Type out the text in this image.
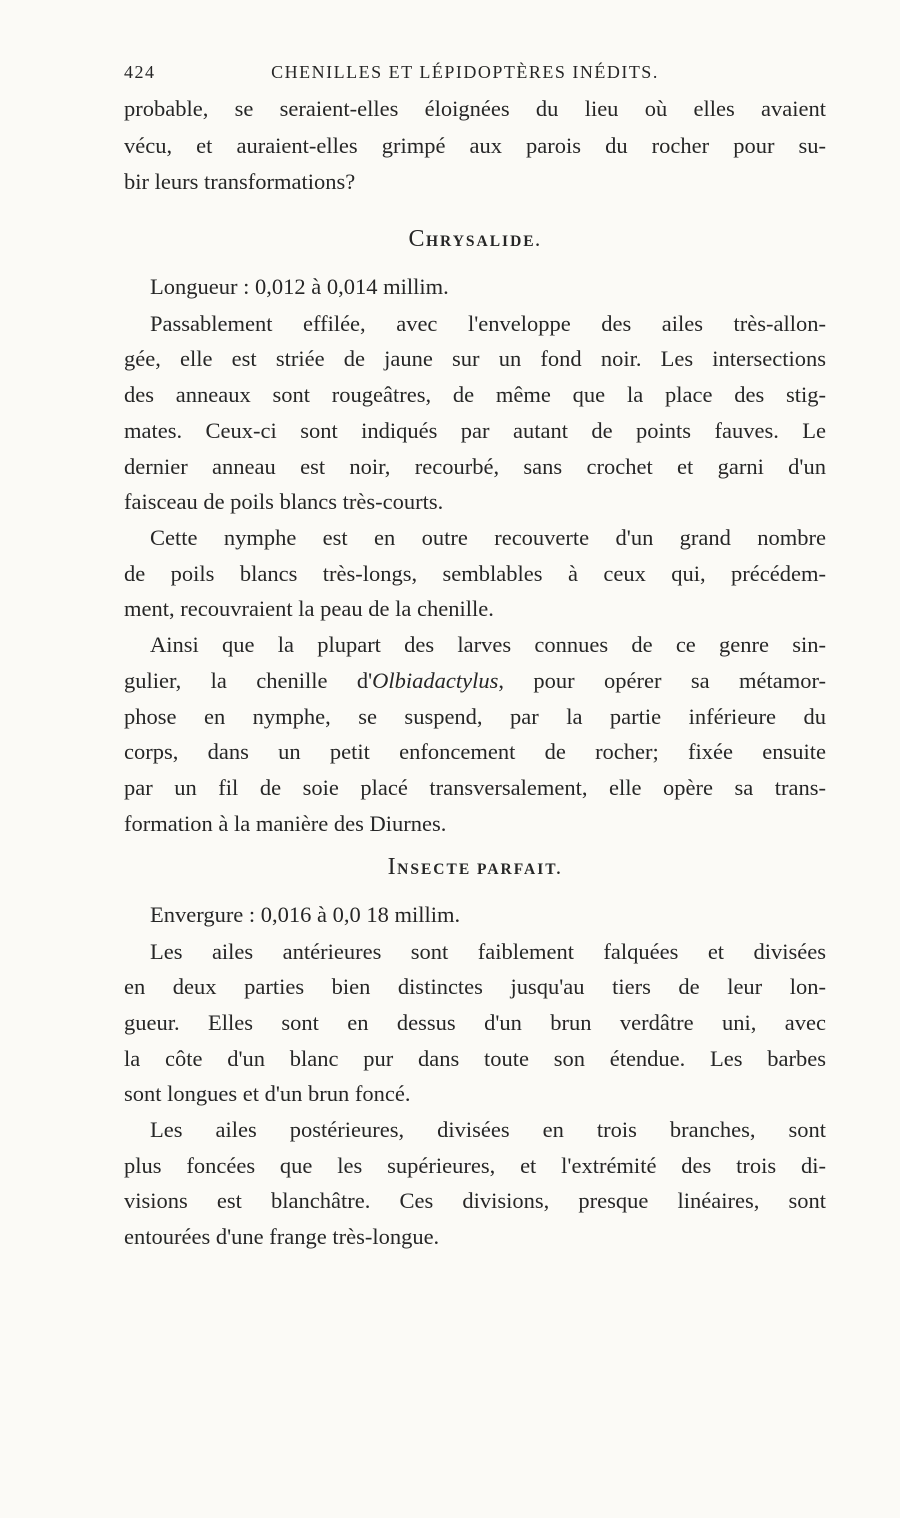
424	CHENILLES ET LÉPIDOPTÈRES INÉDITS.
probable, se seraient-elles éloignées du lieu où elles avaient
vécu, et auraient-elles grimpé aux parois du rocher pour su-
bir leurs transformations?
CHRYSALIDE.
Longueur : 0,012 à 0,014 millim.
Passablement effilée, avec l'enveloppe des ailes très-allon-
gée, elle est striée de jaune sur un fond noir. Les intersections
des anneaux sont rougeâtres, de même que la place des stig-
mates. Ceux-ci sont indiqués par autant de points fauves. Le
dernier anneau est noir, recourbé, sans crochet et garni d'un
faisceau de poils blancs très-courts.
Cette nymphe est en outre recouverte d'un grand nombre
de poils blancs très-longs, semblables à ceux qui, précédem-
ment, recouvraient la peau de la chenille.
Ainsi que la plupart des larves connues de ce genre sin-
gulier, la chenille d'Olbiadactylus, pour opérer sa métamor-
phose en nymphe, se suspend, par la partie inférieure du
corps, dans un petit enfoncement de rocher; fixée ensuite
par un fil de soie placé transversalement, elle opère sa trans-
formation à la manière des Diurnes.
INSECTE PARFAIT.
Envergure : 0,016 à 0,0 18 millim.
Les ailes antérieures sont faiblement falquées et divisées
en deux parties bien distinctes jusqu'au tiers de leur lon-
gueur. Elles sont en dessus d'un brun verdâtre uni, avec
la côte d'un blanc pur dans toute son étendue. Les barbes
sont longues et d'un brun foncé.
Les ailes postérieures, divisées en trois branches, sont
plus foncées que les supérieures, et l'extrémité des trois di-
visions est blanchâtre. Ces divisions, presque linéaires, sont
entourées d'une frange très-longue.
